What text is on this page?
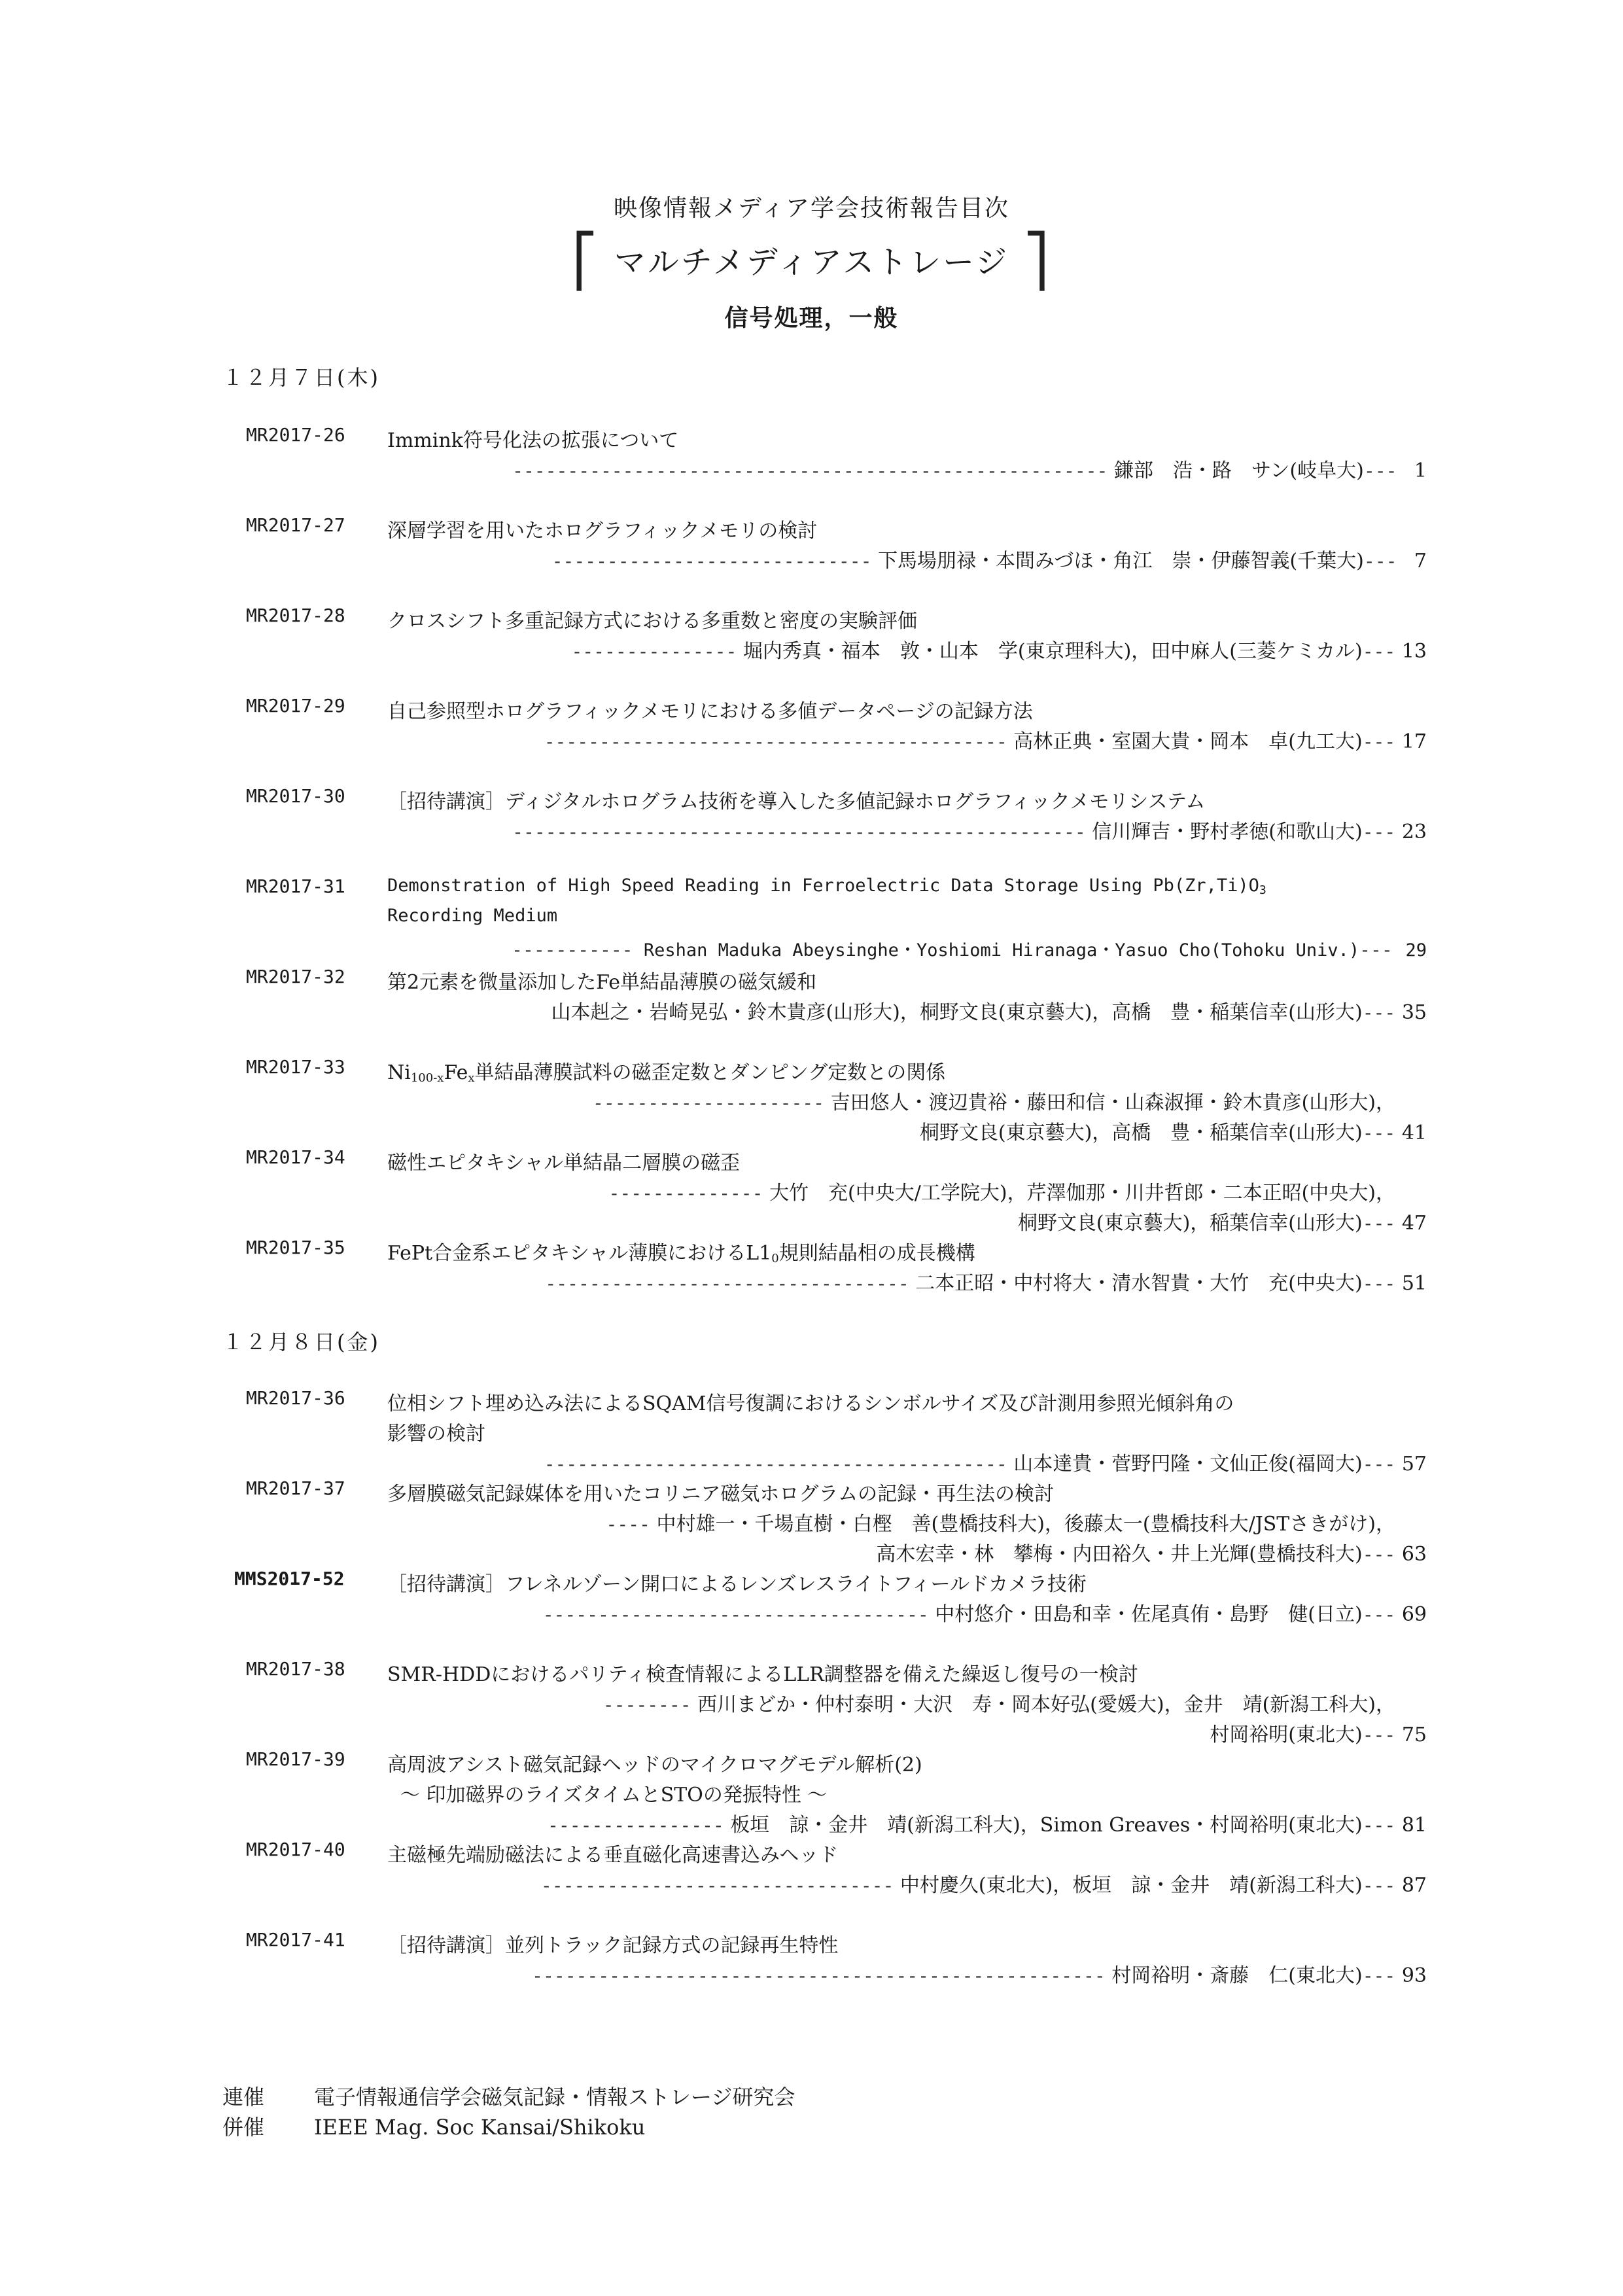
映像情報メディア学会技術報告目次
⎡ マルチメディアストレージ ⎤
信号処理，一般
１２月７日(木)
MR2017-26 Immink符号化法の拡張について
------------------------------------------------------ 鎌部　浩・路　サン(岐阜大)--- 1
MR2017-27 深層学習を用いたホログラフィックメモリの検討
----------------------------- 下馬場朋禄・本間みづほ・角江　崇・伊藤智義(千葉大)--- 7
MR2017-28 クロスシフト多重記録方式における多重数と密度の実験評価
--------------- 堀内秀真・福本　敦・山本　学(東京理科大)，田中麻人(三菱ケミカル)--- 13
MR2017-29 自己参照型ホログラフィックメモリにおける多値データページの記録方法
------------------------------------------ 高林正典・室園大貴・岡本　卓(九工大)--- 17
MR2017-30 ［招待講演］ディジタルホログラム技術を導入した多値記録ホログラフィックメモリシステム
---------------------------------------------------- 信川輝吉・野村孝徳(和歌山大)--- 23
MR2017-31 Demonstration of High Speed Reading in Ferroelectric Data Storage Using $Pb(Zr,Ti)O_3$
Recording Medium
----------- Reshan Maduka Abeysinghe・Yoshiomi Hiranaga・Yasuo Cho(Tohoku Univ.)--- 29
MR2017-32 第2元素を微量添加したFe単結晶薄膜の磁気緩和
山本赳之・岩崎晃弘・鈴木貴彦(山形大)，桐野文良(東京藝大)，高橋　豊・稲葉信幸(山形大)--- 35
MR2017-33 $Ni_{100-x}Fe_x$単結晶薄膜試料の磁歪定数とダンピング定数との関係
--------------------- 吉田悠人・渡辺貴裕・藤田和信・山森淑揮・鈴木貴彦(山形大)，
桐野文良(東京藝大)，高橋　豊・稲葉信幸(山形大)--- 41
MR2017-34 磁性エピタキシャル単結晶二層膜の磁歪
-------------- 大竹　充(中央大/工学院大)，芹澤伽那・川井哲郎・二本正昭(中央大)，
桐野文良(東京藝大)，稲葉信幸(山形大)--- 47
MR2017-35 FePt合金系エピタキシャル薄膜における$L1_0$規則結晶相の成長機構
--------------------------------- 二本正昭・中村将大・清水智貴・大竹　充(中央大)--- 51
１２月８日(金)
MR2017-36 位相シフト埋め込み法によるSQAM信号復調におけるシンボルサイズ及び計測用参照光傾斜角の
影響の検討
------------------------------------------ 山本達貴・菅野円隆・文仙正俊(福岡大)--- 57
MR2017-37 多層膜磁気記録媒体を用いたコリニア磁気ホログラムの記録・再生法の検討
---- 中村雄一・千場直樹・白樫　善(豊橋技科大)，後藤太一(豊橋技科大/JSTさきがけ)，
高木宏幸・林　攀梅・内田裕久・井上光輝(豊橋技科大)--- 63
MMS2017-52 ［招待講演］フレネルゾーン開口によるレンズレスライトフィールドカメラ技術
----------------------------------- 中村悠介・田島和幸・佐尾真侑・島野　健(日立)--- 69
MR2017-38 SMR-HDDにおけるパリティ検査情報によるLLR調整器を備えた繰返し復号の一検討
-------- 西川まどか・仲村泰明・大沢　寿・岡本好弘(愛媛大)，金井　靖(新潟工科大)，
村岡裕明(東北大)--- 75
MR2017-39 高周波アシスト磁気記録ヘッドのマイクロマグモデル解析(2)
～ 印加磁界のライズタイムとSTOの発振特性 ～
---------------- 板垣　諒・金井　靖(新潟工科大)，Simon Greaves・村岡裕明(東北大)--- 81
MR2017-40 主磁極先端励磁法による垂直磁化高速書込みヘッド
-------------------------------- 中村慶久(東北大)，板垣　諒・金井　靖(新潟工科大)--- 87
MR2017-41 ［招待講演］並列トラック記録方式の記録再生特性
---------------------------------------------------- 村岡裕明・斎藤　仁(東北大)--- 93
連催 電子情報通信学会磁気記録・情報ストレージ研究会
併催 IEEE Mag. Soc Kansai/Shikoku
